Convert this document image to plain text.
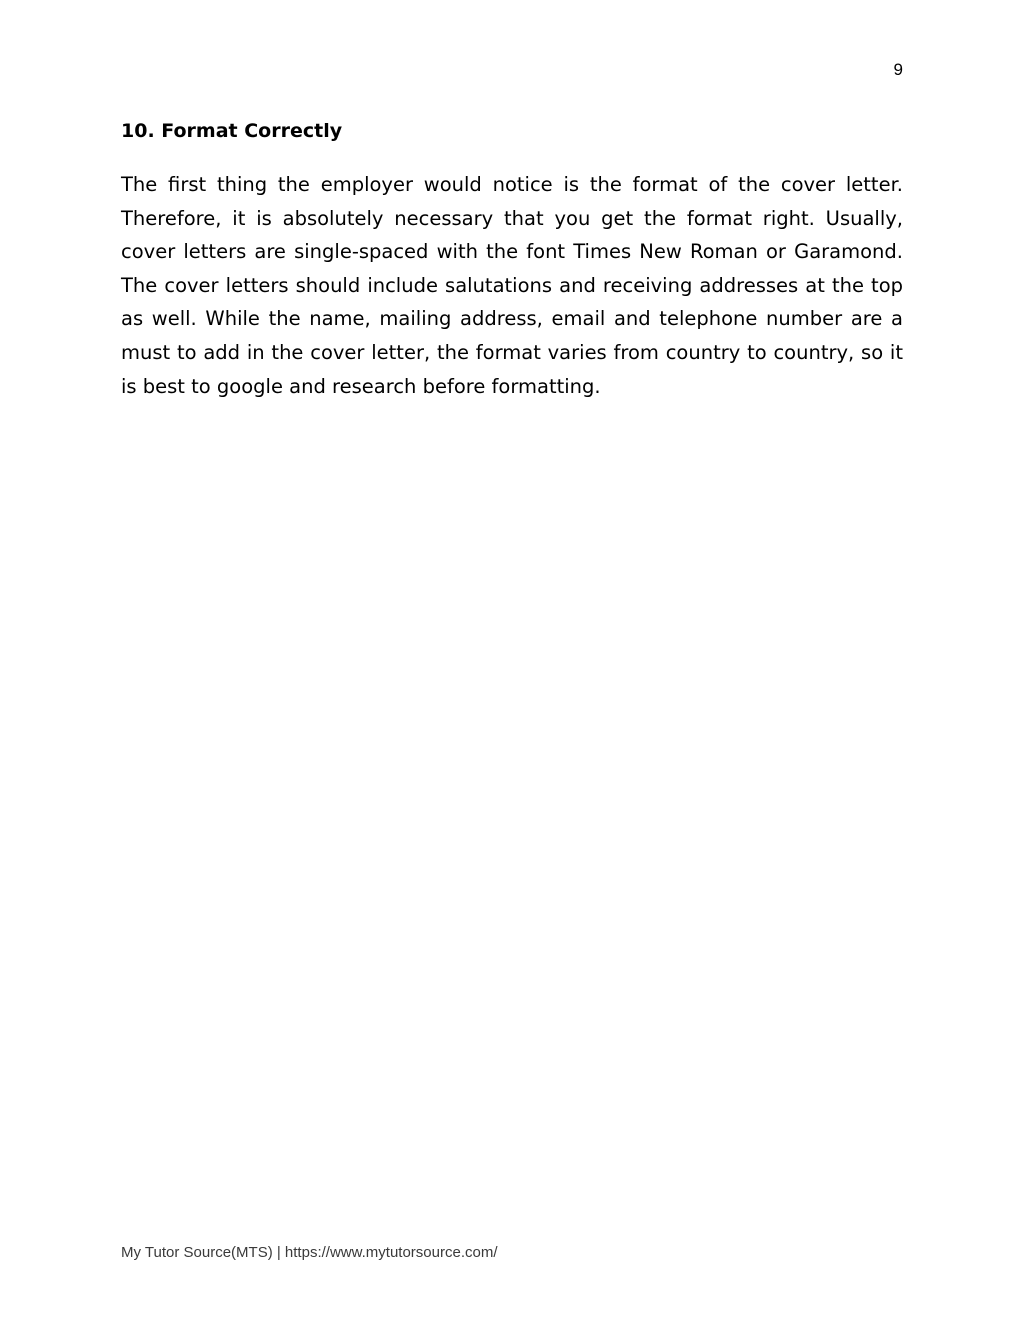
9
10. Format Correctly

The first thing the employer would notice is the format of the cover letter. Therefore, it is absolutely necessary that you get the format right. Usually, cover letters are single-spaced with the font Times New Roman or Garamond. The cover letters should include salutations and receiving addresses at the top as well. While the name, mailing address, email and telephone number are a must to add in the cover letter, the format varies from country to country, so it is best to google and research before formatting.

My Tutor Source(MTS) | https://www.mytutorsource.com/
